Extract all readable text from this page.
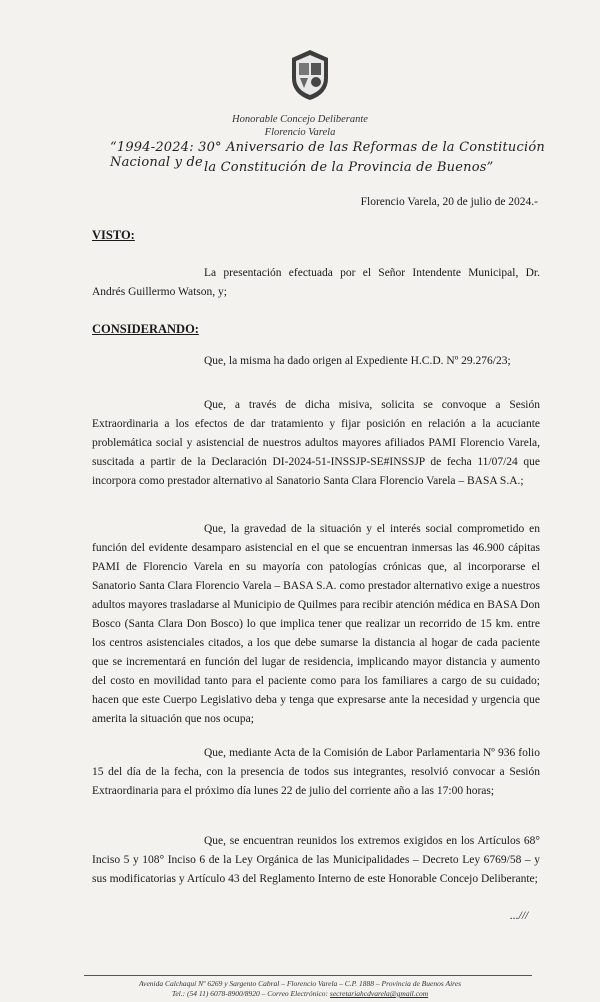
Honorable Concejo Deliberante
Florencio Varela
“1994-2024: 30° Aniversario de las Reformas de la Constitución Nacional y de la Constitución de la Provincia de Buenos”
Florencio Varela, 20 de julio de 2024.-
VISTO:
La presentación efectuada por el Señor Intendente Municipal, Dr. Andrés Guillermo Watson, y;
CONSIDERANDO:
Que, la misma ha dado origen al Expediente H.C.D. Nº 29.276/23;
Que, a través de dicha misiva, solicita se convoque a Sesión Extraordinaria a los efectos de dar tratamiento y fijar posición en relación a la acuciante problemática social y asistencial de nuestros adultos mayores afiliados PAMI Florencio Varela, suscitada a partir de la Declaración DI-2024-51-INSSJP-SE#INSSJP de fecha 11/07/24 que incorpora como prestador alternativo al Sanatorio Santa Clara Florencio Varela – BASA S.A.;
Que, la gravedad de la situación y el interés social comprometido en función del evidente desamparo asistencial en el que se encuentran inmersas las 46.900 cápitas PAMI de Florencio Varela en su mayoría con patologías crónicas que, al incorporarse el Sanatorio Santa Clara Florencio Varela – BASA S.A. como prestador alternativo exige a nuestros adultos mayores trasladarse al Municipio de Quilmes para recibir atención médica en BASA Don Bosco (Santa Clara Don Bosco) lo que implica tener que realizar un recorrido de 15 km. entre los centros asistenciales citados, a los que debe sumarse la distancia al hogar de cada paciente que se incrementará en función del lugar de residencia, implicando mayor distancia y aumento del costo en movilidad tanto para el paciente como para los familiares a cargo de su cuidado; hacen que este Cuerpo Legislativo deba y tenga que expresarse ante la necesidad y urgencia que amerita la situación que nos ocupa;
Que, mediante Acta de la Comisión de Labor Parlamentaria Nº 936 folio 15 del día de la fecha, con la presencia de todos sus integrantes, resolvió convocar a Sesión Extraordinaria para el próximo día lunes 22 de julio del corriente año a las 17:00 horas;
Que, se encuentran reunidos los extremos exigidos en los Artículos 68° Inciso 5 y 108° Inciso 6 de la Ley Orgánica de las Municipalidades – Decreto Ley 6769/58 – y sus modificatorias y Artículo 43 del Reglamento Interno de este Honorable Concejo Deliberante;
...///
Avenida Calchaquí Nº 6269 y Sargento Cabral – Florencio Varela – C.P. 1888 – Provincia de Buenos Aires
Tel.: (54 11) 6078-8900/8920 – Correo Electrónico: secretariahcdvarela@gmail.com
